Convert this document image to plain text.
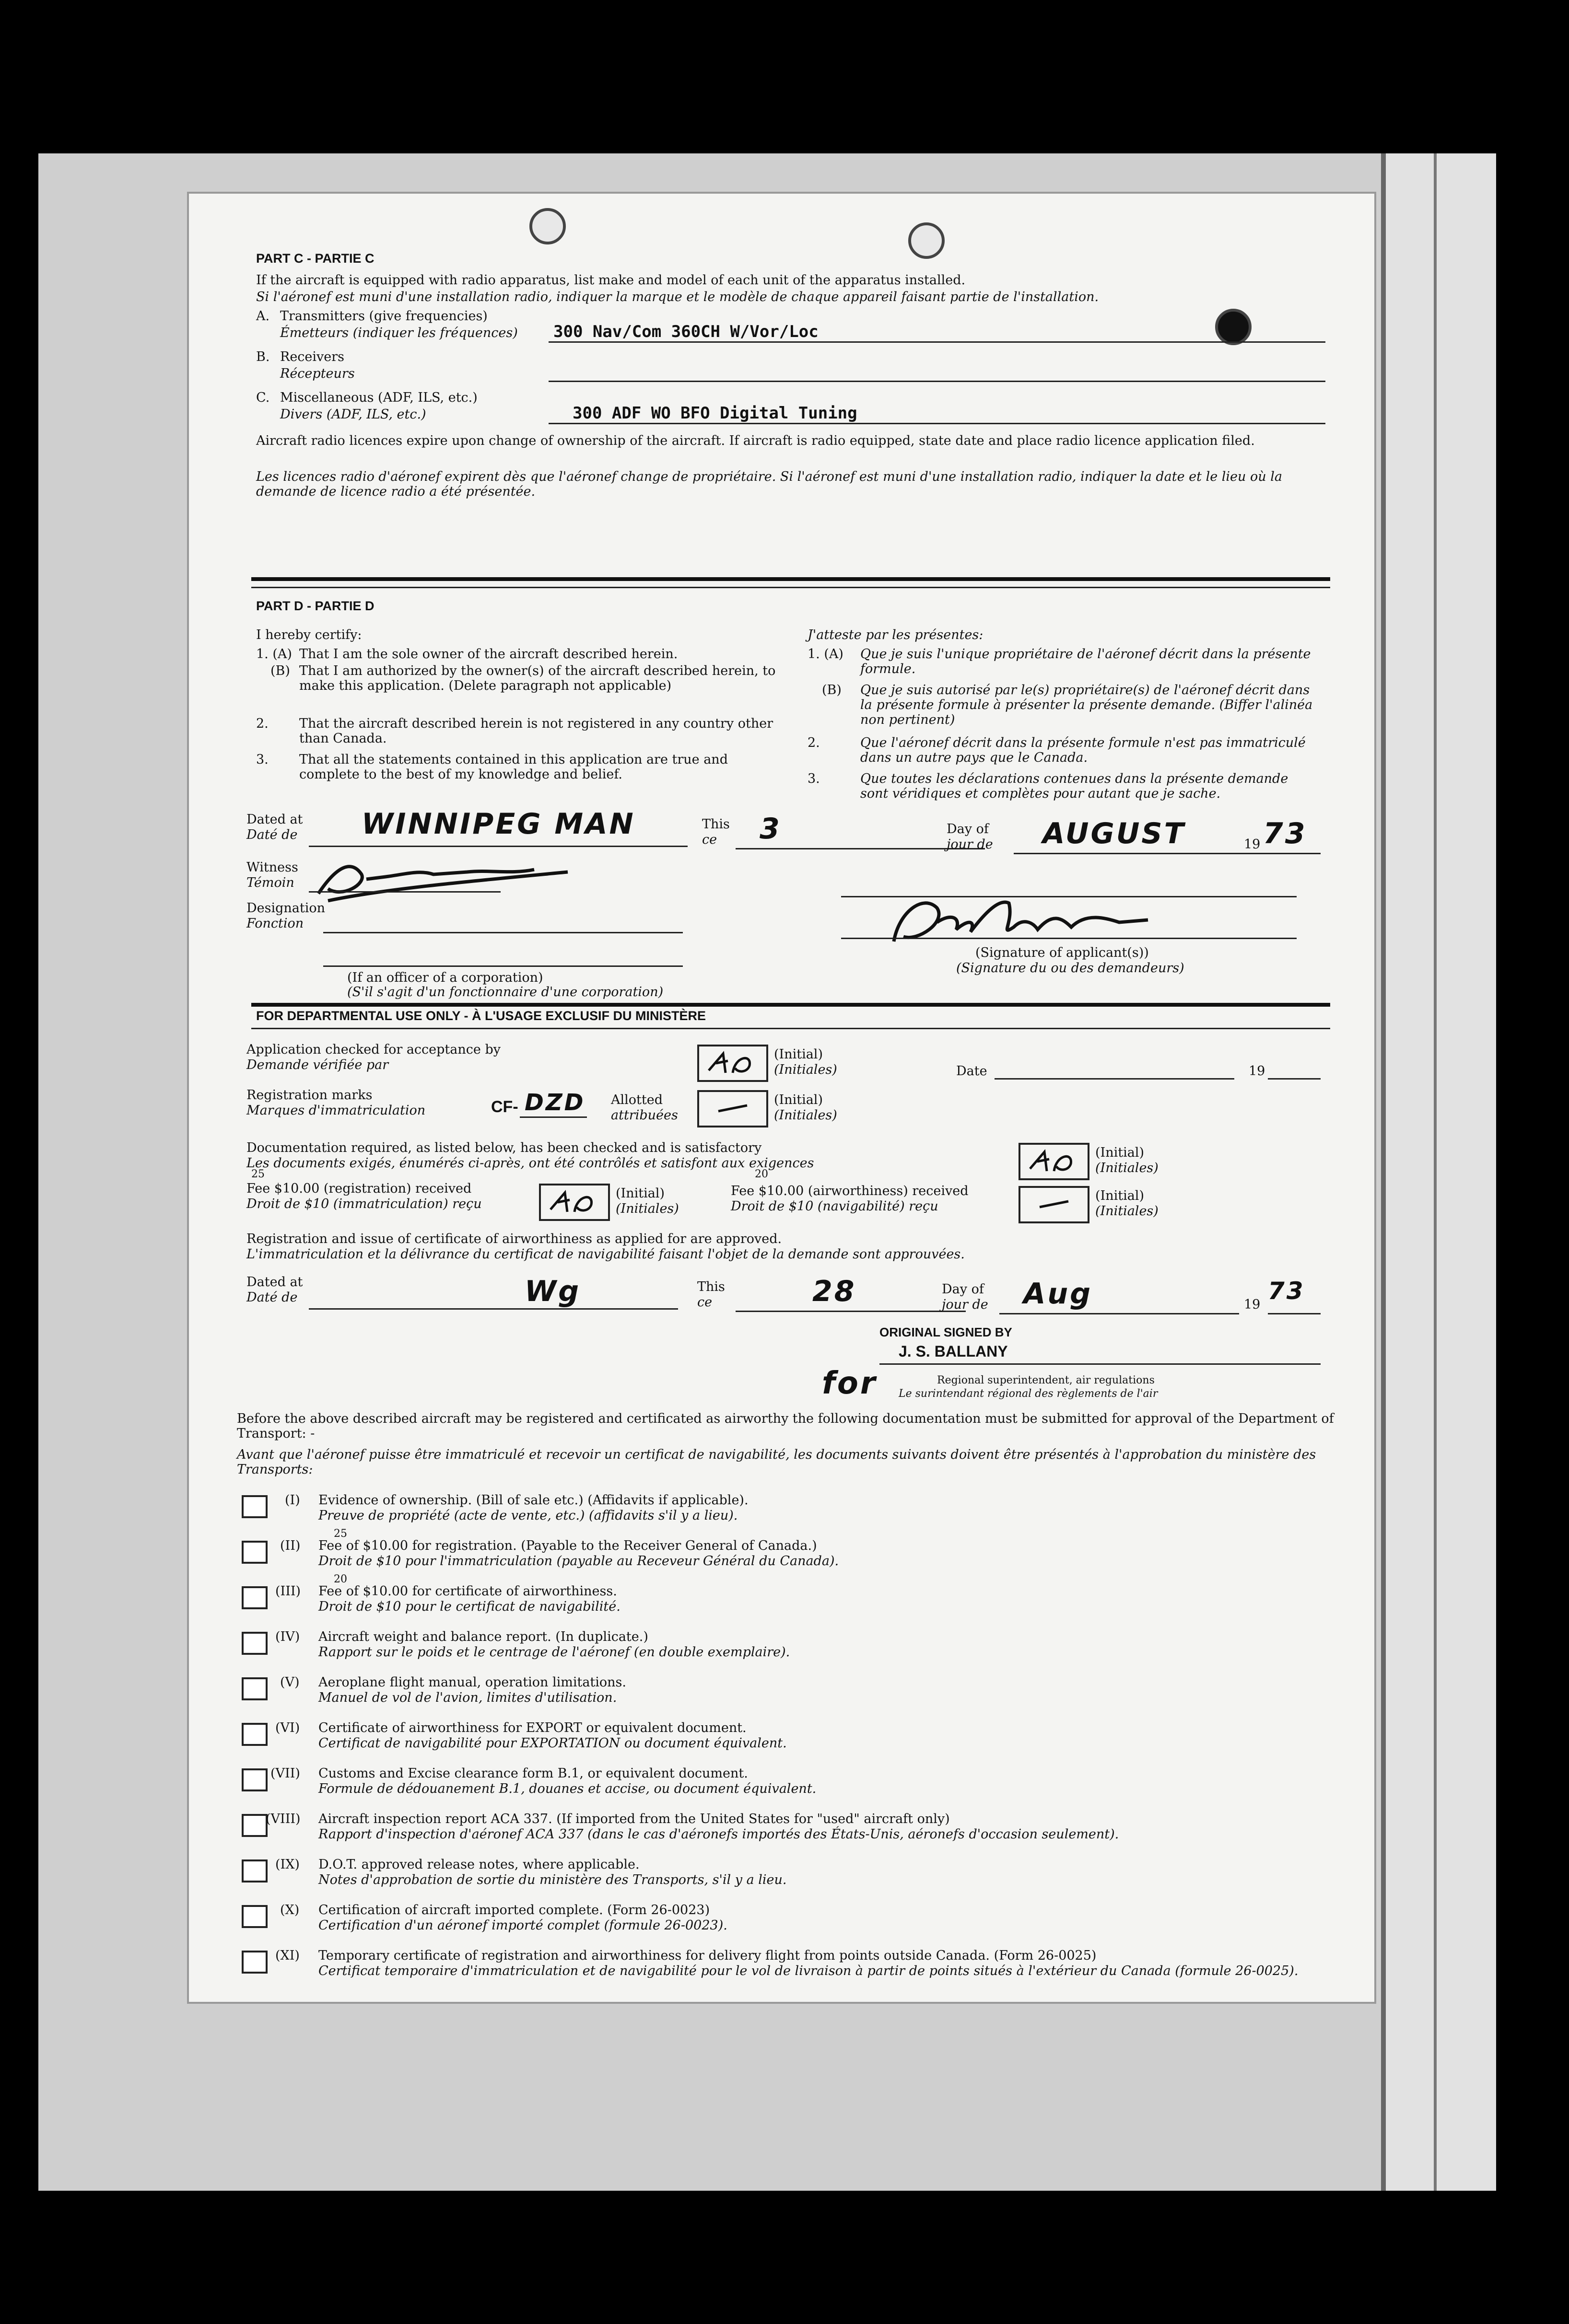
PART C - PARTIE C
If the aircraft is equipped with radio apparatus, list make and model of each unit of the apparatus installed.
Si l'aéronef est muni d'une installation radio, indiquer la marque et le modèle de chaque appareil faisant partie de l'installation.
A. Transmitters (give frequencies)
Émetteurs (indiquer les fréquences) 300 Nav/Com 360CH W/Vor/Loc
B. Receivers
Récepteurs
C. Miscellaneous (ADF, ILS, etc.)
Divers (ADF, ILS, etc.)	300 ADF WO BFO Digital Tuning
Aircraft radio licences expire upon change of ownership of the aircraft. If aircraft is radio equipped, state date and place radio licence application filed.
Les licences radio d'aéronef expirent dès que l'aéronef change de propriétaire. Si l'aéronef est muni d'une installation radio, indiquer la date et le lieu où la demande de licence radio a été présentée.
PART D - PARTIE D
I hereby certify:	J'atteste par les présentes:
1. (A) That I am the sole owner of the aircraft described herein.
(B) That I am authorized by the owner(s) of the aircraft described herein, to make this application. (Delete paragraph not applicable)
2. That the aircraft described herein is not registered in any country other than Canada.
3. That all the statements contained in this application are true and complete to the best of my knowledge and belief.
1. (A) Que je suis l'unique propriétaire de l'aéronef décrit dans la présente formule.
(B) Que je suis autorisé par le(s) propriétaire(s) de l'aéronef décrit dans la présente formule à présenter la présente demande. (Biffer l'alinéa non pertinent)
2.	Que l'aéronef décrit dans la présente formule n'est pas immatriculé dans un autre pays que le Canada.
3.	Que toutes les déclarations contenues dans la présente demande sont véridiques et complètes pour autant que je sache.
Dated at
Daté de WINNIPEG MAN	This
ce 3	Day of
jour de AUGUST	19 73
Witness
Témoin
Designation
Fonction
(Signature of applicant(s))
(Signature du ou des demandeurs)
(If an officer of a corporation)
(S'il s'agit d'un fonctionnaire d'une corporation)
FOR DEPARTMENTAL USE ONLY - À L'USAGE EXCLUSIF DU MINISTÈRE
Application checked for acceptance by
Demande vérifiée par
(Initial)
(Initiales)	Date	19
Registration marks
Marques d'immatriculation	CF- DZD Allotted
attribuées
(Initial)
(Initiales)
Documentation required, as listed below, has been checked and is satisfactory
Les documents exigés, énumérés ci-après, ont été contrôlés et satisfont aux exigences
(Initial)
(Initiales)
25
Fee $10.00 (registration) received
Droit de $10 (immatriculation) reçu
(Initial)
(Initiales)
20
Fee $10.00 (airworthiness) received
Droit de $10 (navigabilité) reçu
(Initial)
(Initiales)
Registration and issue of certificate of airworthiness as applied for are approved.
L'immatriculation et la délivrance du certificat de navigabilité faisant l'objet de la demande sont approuvées.
Dated at
Daté de	Wg	This
ce	28	Day of
jour de Aug	19 73
ORIGINAL SIGNED BY
J. S. BALLANY
for	Regional superintendent, air regulations
Le surintendant régional des règlements de l'air
Before the above described aircraft may be registered and certificated as airworthy the following documentation must be submitted for approval of the Department of Transport: -
Avant que l'aéronef puisse être immatriculé et recevoir un certificat de navigabilité, les documents suivants doivent être présentés à l'approbation du ministère des Transports:
(I) Evidence of ownership. (Bill of sale etc.) (Affidavits if applicable).
Preuve de propriété (acte de vente, etc.) (affidavits s'il y a lieu).
(II)
25
Fee of $10.00 for registration. (Payable to the Receiver General of Canada.)
Droit de $10 pour l'immatriculation (payable au Receveur Général du Canada).
(III)
20
Fee of $10.00 for certificate of airworthiness.
Droit de $10 pour le certificat de navigabilité.
(IV) Aircraft weight and balance report. (In duplicate.)
Rapport sur le poids et le centrage de l'aéronef (en double exemplaire).
(V) Aeroplane flight manual, operation limitations.
Manuel de vol de l'avion, limites d'utilisation.
(VI) Certificate of airworthiness for EXPORT or equivalent document.
Certificat de navigabilité pour EXPORTATION ou document équivalent.
(VII) Customs and Excise clearance form B.1, or equivalent document.
Formule de dédouanement B.1, douanes et accise, ou document équivalent.
(VIII) Aircraft inspection report ACA 337. (If imported from the United States for "used" aircraft only)
Rapport d'inspection d'aéronef ACA 337 (dans le cas d'aéronefs importés des États-Unis, aéronefs d'occasion seulement).
(IX) D.O.T. approved release notes, where applicable.
Notes d'approbation de sortie du ministère des Transports, s'il y a lieu.
(X) Certification of aircraft imported complete. (Form 26-0023)
Certification d'un aéronef importé complet (formule 26-0023).
(XI) Temporary certificate of registration and airworthiness for delivery flight from points outside Canada. (Form 26-0025)
Certificat temporaire d'immatriculation et de navigabilité pour le vol de livraison à partir de points situés à l'extérieur du Canada (formule 26-0025).
